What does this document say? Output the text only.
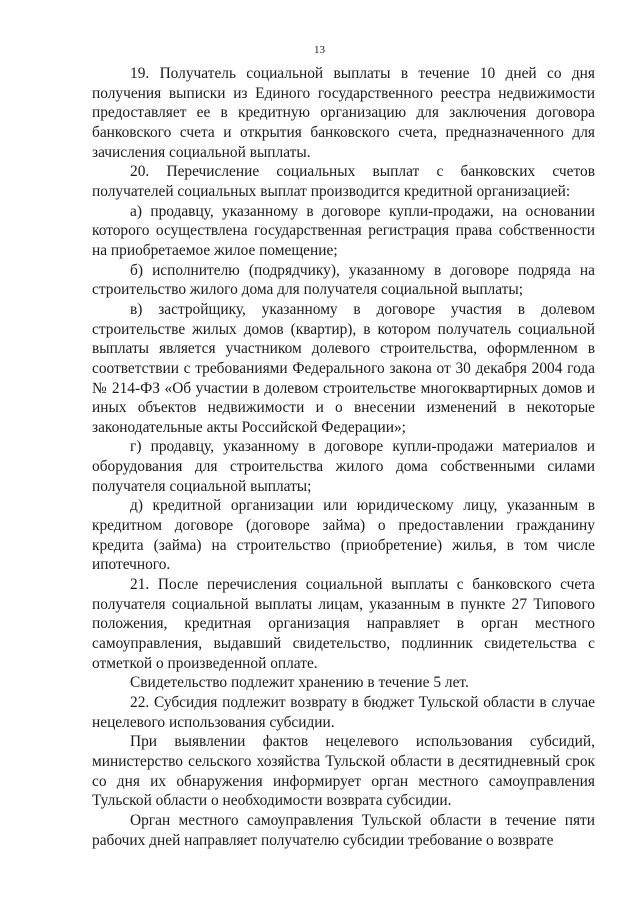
13

19. Получатель социальной выплаты в течение 10 дней со дня получения выписки из Единого государственного реестра недвижимости предоставляет ее в кредитную организацию для заключения договора банковского счета и открытия банковского счета, предназначенного для зачисления социальной выплаты.

20. Перечисление социальных выплат с банковских счетов получателей социальных выплат производится кредитной организацией:

а) продавцу, указанному в договоре купли-продажи, на основании которого осуществлена государственная регистрация права собственности на приобретаемое жилое помещение;

б) исполнителю (подрядчику), указанному в договоре подряда на строительство жилого дома для получателя социальной выплаты;

в) застройщику, указанному в договоре участия в долевом строительстве жилых домов (квартир), в котором получатель социальной выплаты является участником долевого строительства, оформленном в соответствии с требованиями Федерального закона от 30 декабря 2004 года № 214-ФЗ «Об участии в долевом строительстве многоквартирных домов и иных объектов недвижимости и о внесении изменений в некоторые законодательные акты Российской Федерации»;

г) продавцу, указанному в договоре купли-продажи материалов и оборудования для строительства жилого дома собственными силами получателя социальной выплаты;

д) кредитной организации или юридическому лицу, указанным в кредитном договоре (договоре займа) о предоставлении гражданину кредита (займа) на строительство (приобретение) жилья, в том числе ипотечного.

21. После перечисления социальной выплаты с банковского счета получателя социальной выплаты лицам, указанным в пункте 27 Типового положения, кредитная организация направляет в орган местного самоуправления, выдавший свидетельство, подлинник свидетельства с отметкой о произведенной оплате.

Свидетельство подлежит хранению в течение 5 лет.

22. Субсидия подлежит возврату в бюджет Тульской области в случае нецелевого использования субсидии.

При выявлении фактов нецелевого использования субсидий, министерство сельского хозяйства Тульской области в десятидневный срок со дня их обнаружения информирует орган местного самоуправления Тульской области о необходимости возврата субсидии.

Орган местного самоуправления Тульской области в течение пяти рабочих дней направляет получателю субсидии требование о возврате
